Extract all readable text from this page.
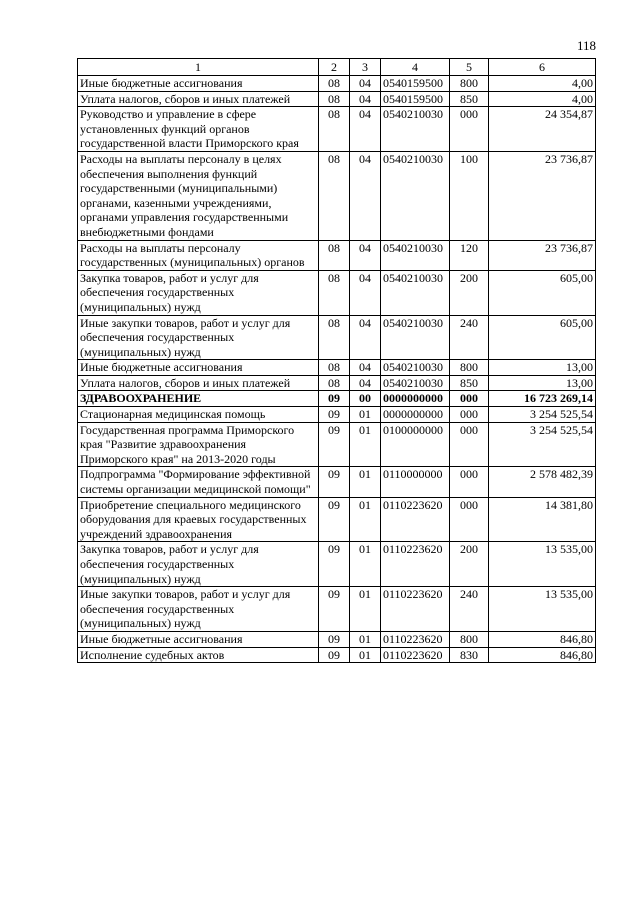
118
1	2	3	4	5	6
Иные бюджетные ассигнования	08	04	0540159500	800	4,00
Уплата налогов, сборов и иных платежей	08	04	0540159500	850	4,00
Руководство и управление в сфере установленных функций органов государственной власти Приморского края	08	04	0540210030	000	24 354,87
Расходы на выплаты персоналу в целях обеспечения выполнения функций государственными (муниципальными) органами, казенными учреждениями, органами управления государственными внебюджетными фондами	08	04	0540210030	100	23 736,87
Расходы на выплаты персоналу государственных (муниципальных) органов	08	04	0540210030	120	23 736,87
Закупка товаров, работ и услуг для обеспечения государственных (муниципальных) нужд	08	04	0540210030	200	605,00
Иные закупки товаров, работ и услуг для обеспечения государственных (муниципальных) нужд	08	04	0540210030	240	605,00
Иные бюджетные ассигнования	08	04	0540210030	800	13,00
Уплата налогов, сборов и иных платежей	08	04	0540210030	850	13,00
ЗДРАВООХРАНЕНИЕ	09	00	0000000000	000	16 723 269,14
Стационарная медицинская помощь	09	01	0000000000	000	3 254 525,54
Государственная программа Приморского края "Развитие здравоохранения Приморского края" на 2013-2020 годы	09	01	0100000000	000	3 254 525,54
Подпрограмма "Формирование эффективной системы организации медицинской помощи"	09	01	0110000000	000	2 578 482,39
Приобретение специального медицинского оборудования для краевых государственных учреждений здравоохранения	09	01	0110223620	000	14 381,80
Закупка товаров, работ и услуг для обеспечения государственных (муниципальных) нужд	09	01	0110223620	200	13 535,00
Иные закупки товаров, работ и услуг для обеспечения государственных (муниципальных) нужд	09	01	0110223620	240	13 535,00
Иные бюджетные ассигнования	09	01	0110223620	800	846,80
Исполнение судебных актов	09	01	0110223620	830	846,80
